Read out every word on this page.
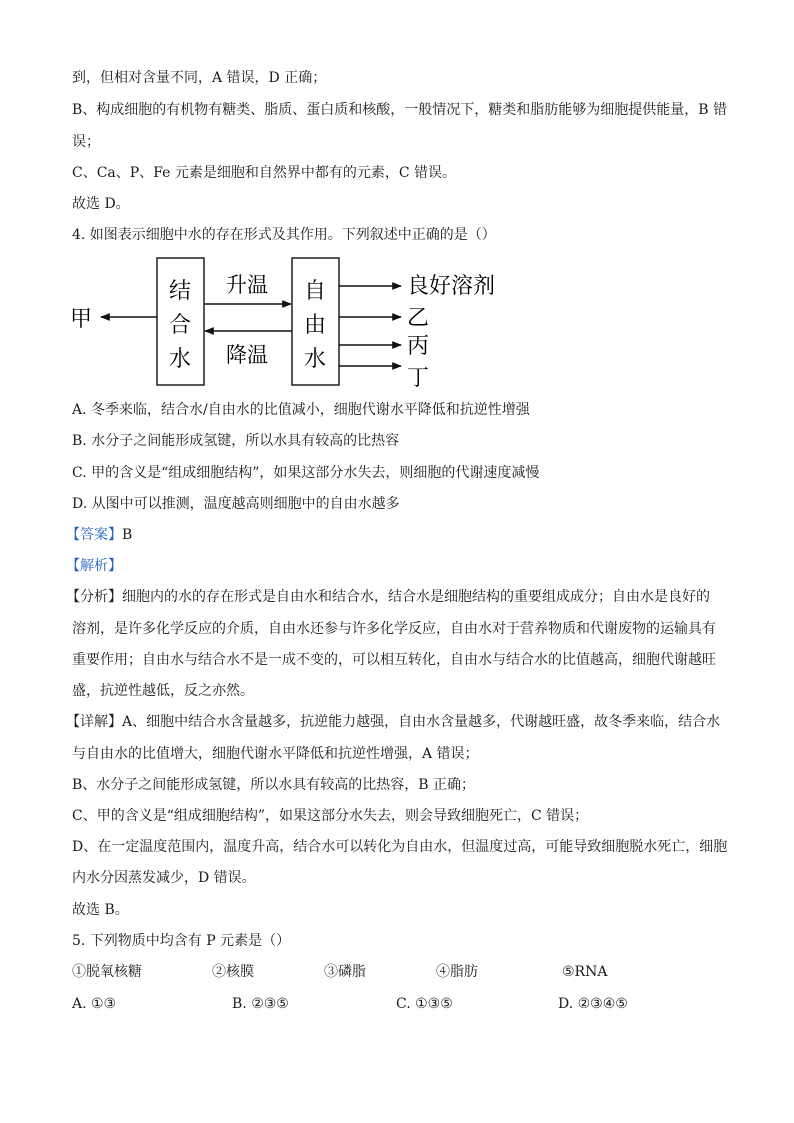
到，但相对含量不同，A 错误，D 正确；
B、构成细胞的有机物有糖类、脂质、蛋白质和核酸，一般情况下，糖类和脂肪能够为细胞提供能量，B 错
误；
C、Ca、P、Fe 元素是细胞和自然界中都有的元素，C 错误。
故选 D。
4. 如图表示细胞中水的存在形式及其作用。下列叙述中正确的是（）
结
合
水
自
由
水
升温
降温
甲
良好溶剂
乙
丙
丁
A. 冬季来临，结合水/自由水的比值减小，细胞代谢水平降低和抗逆性增强
B. 水分子之间能形成氢键，所以水具有较高的比热容
C. 甲的含义是“组成细胞结构”，如果这部分水失去，则细胞的代谢速度减慢
D. 从图中可以推测，温度越高则细胞中的自由水越多
【答案】B
【解析】
【分析】细胞内的水的存在形式是自由水和结合水，结合水是细胞结构的重要组成成分；自由水是良好的
溶剂，是许多化学反应的介质，自由水还参与许多化学反应，自由水对于营养物质和代谢废物的运输具有
重要作用；自由水与结合水不是一成不变的，可以相互转化，自由水与结合水的比值越高，细胞代谢越旺
盛，抗逆性越低，反之亦然。
【详解】A、细胞中结合水含量越多，抗逆能力越强，自由水含量越多，代谢越旺盛，故冬季来临，结合水
与自由水的比值增大，细胞代谢水平降低和抗逆性增强，A 错误；
B、水分子之间能形成氢键，所以水具有较高的比热容，B 正确；
C、甲的含义是“组成细胞结构”，如果这部分水失去，则会导致细胞死亡，C 错误；
D、在一定温度范围内，温度升高，结合水可以转化为自由水，但温度过高，可能导致细胞脱水死亡，细胞
内水分因蒸发减少，D 错误。
故选 B。
5. 下列物质中均含有 P 元素是（）
①脱氧核糖	②核膜	③磷脂	④脂肪	⑤RNA
A. ①③	B. ②③⑤	C. ①③⑤	D. ②③④⑤
